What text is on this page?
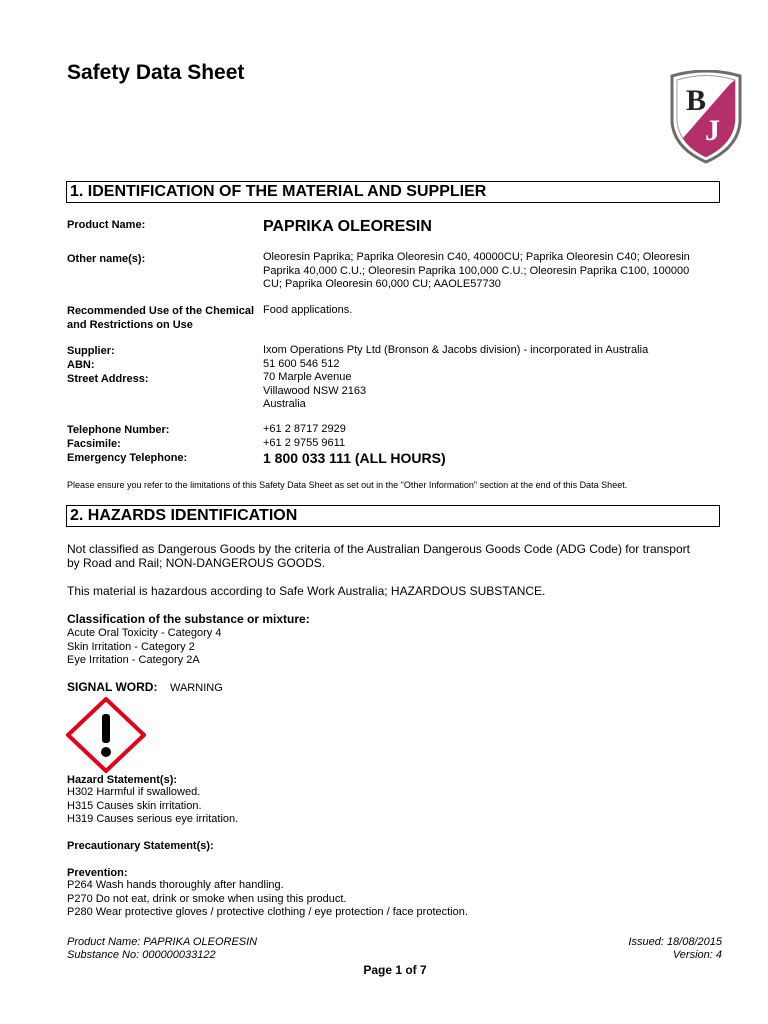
Safety Data Sheet
B
J
1. IDENTIFICATION OF THE MATERIAL AND SUPPLIER
Product Name:	PAPRIKA OLEORESIN
Other name(s):	Oleoresin Paprika; Paprika Oleoresin C40, 40000CU; Paprika Oleoresin C40; Oleoresin
Paprika 40,000 C.U.; Oleoresin Paprika 100,000 C.U.; Oleoresin Paprika C100, 100000
CU; Paprika Oleoresin 60,000 CU; AAOLE57730
Recommended Use of the Chemical
and Restrictions on Use
Food applications.
Supplier:
ABN:
Street Address:
Ixom Operations Pty Ltd (Bronson & Jacobs division) - incorporated in Australia
51 600 546 512
70 Marple Avenue
Villawood NSW 2163
Australia
Telephone Number:
Facsimile:
Emergency Telephone:
+61 2 8717 2929
+61 2 9755 9611
1 800 033 111 (ALL HOURS)
Please ensure you refer to the limitations of this Safety Data Sheet as set out in the "Other Information" section at the end of this Data Sheet.
2. HAZARDS IDENTIFICATION
Not classified as Dangerous Goods by the criteria of the Australian Dangerous Goods Code (ADG Code) for transport
by Road and Rail; NON-DANGEROUS GOODS.
This material is hazardous according to Safe Work Australia; HAZARDOUS SUBSTANCE.
Classification of the substance or mixture:
Acute Oral Toxicity - Category 4
Skin Irritation - Category 2
Eye Irritation - Category 2A
SIGNAL WORD: WARNING
Hazard Statement(s):
H302 Harmful if swallowed.
H315 Causes skin irritation.
H319 Causes serious eye irritation.
Precautionary Statement(s):
Prevention:
P264 Wash hands thoroughly after handling.
P270 Do not eat, drink or smoke when using this product.
P280 Wear protective gloves / protective clothing / eye protection / face protection.
Product Name: PAPRIKA OLEORESIN
Substance No: 000000033122
Issued: 18/08/2015
Version: 4
Page 1 of 7
